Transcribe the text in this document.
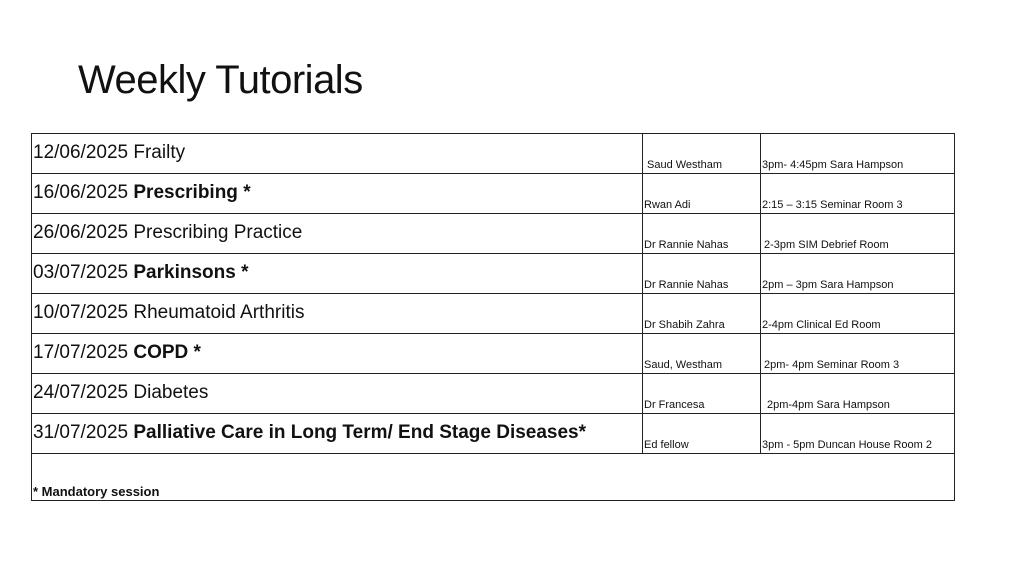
Weekly Tutorials
12/06/2025 Frailty	Saud Westham	3pm- 4:45pm Sara Hampson

16/06/2025 Prescribing *	Rwan Adi	2:15 – 3:15 Seminar Room 3

26/06/2025 Prescribing Practice	Dr Rannie Nahas	2-3pm SIM Debrief Room

03/07/2025 Parkinsons *	Dr Rannie Nahas	2pm – 3pm Sara Hampson

10/07/2025 Rheumatoid Arthritis	Dr Shabih Zahra	2-4pm Clinical Ed Room

17/07/2025 COPD *	Saud, Westham	2pm- 4pm Seminar Room 3

24/07/2025 Diabetes	Dr Francesa	2pm-4pm Sara Hampson

31/07/2025 Palliative Care in Long Term/ End Stage Diseases*	Ed fellow	3pm - 5pm Duncan House Room 2

* Mandatory session		
